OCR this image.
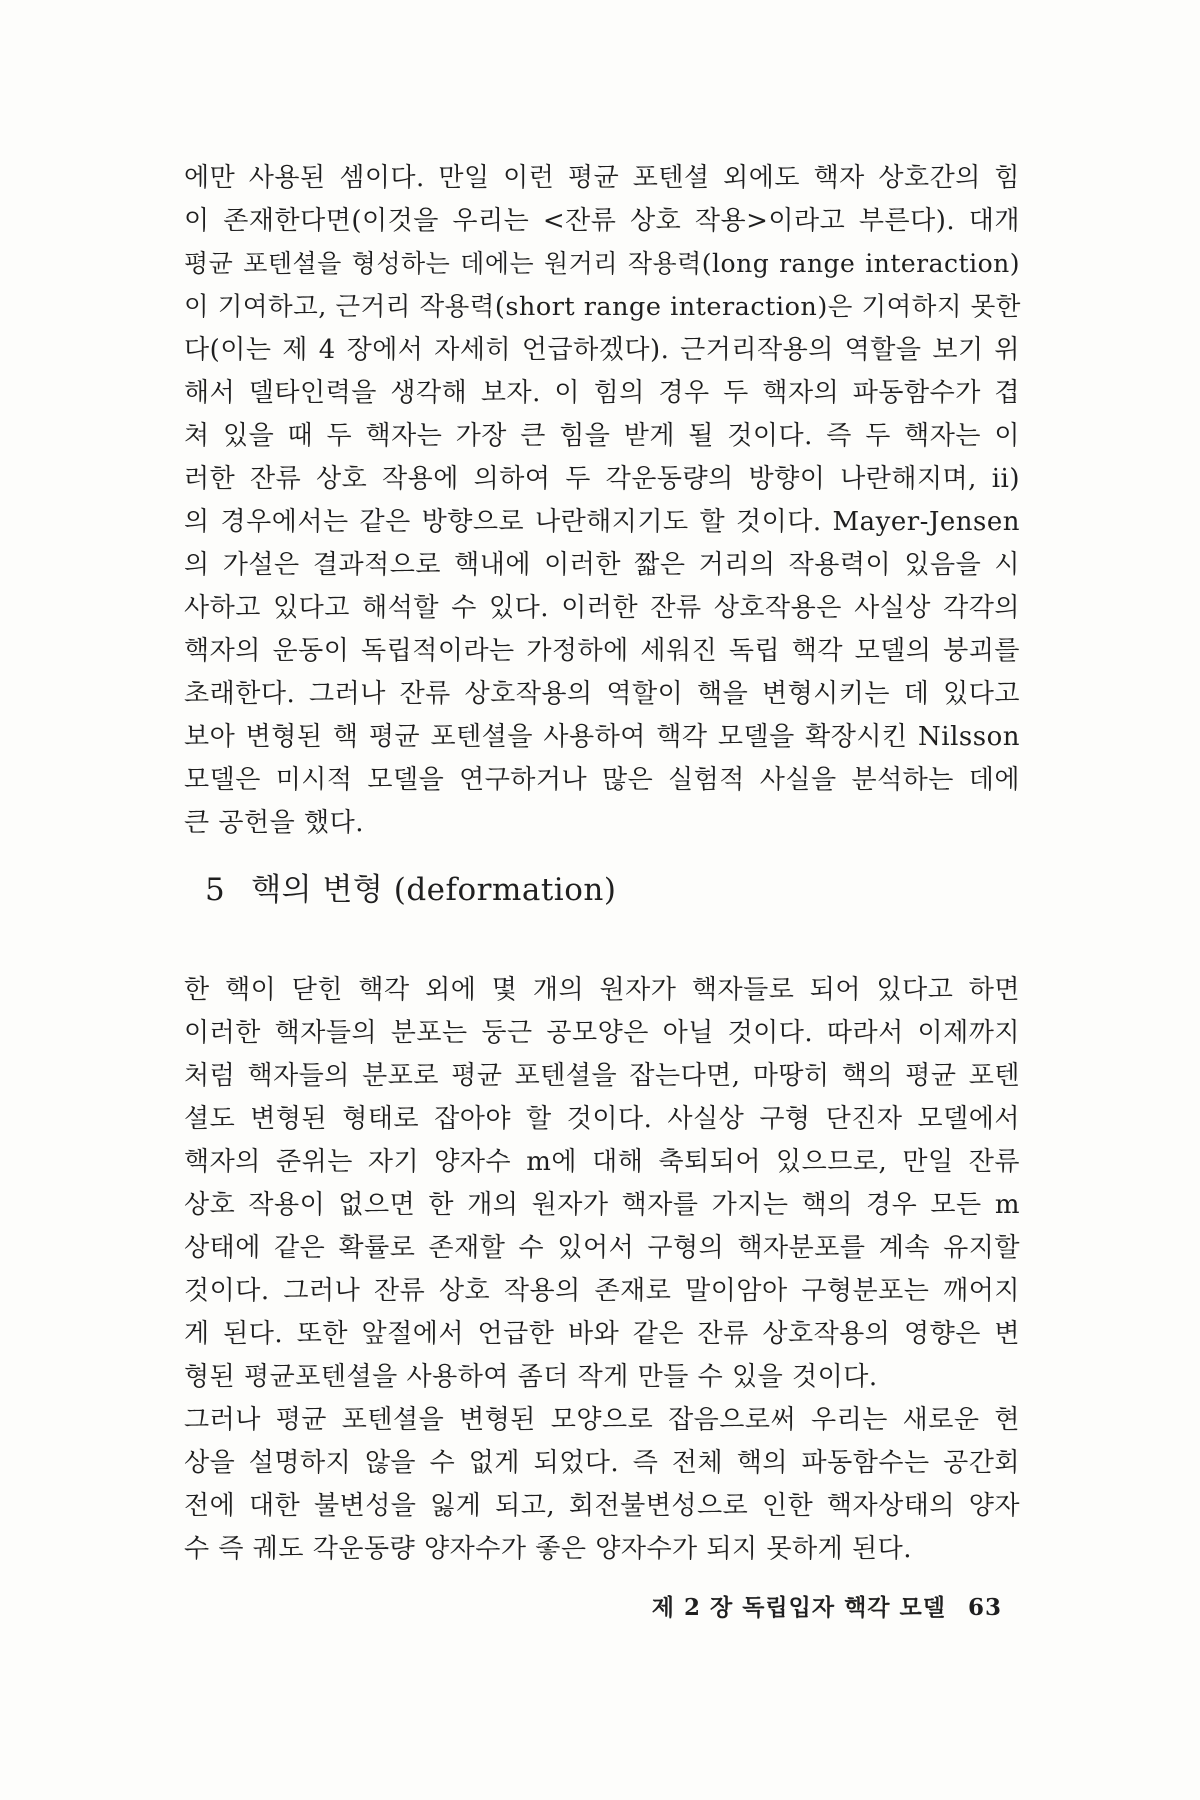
에만 사용된 셈이다. 만일 이런 평균 포텐셜 외에도 핵자 상호간의 힘
이 존재한다면(이것을 우리는 <잔류 상호 작용>이라고 부른다). 대개
평균 포텐셜을 형성하는 데에는 원거리 작용력(long range interaction)
이 기여하고, 근거리 작용력(short range interaction)은 기여하지 못한
다(이는 제 4 장에서 자세히 언급하겠다). 근거리작용의 역할을 보기 위
해서 델타인력을 생각해 보자. 이 힘의 경우 두 핵자의 파동함수가 겹
쳐 있을 때 두 핵자는 가장 큰 힘을 받게 될 것이다. 즉 두 핵자는 이
러한 잔류 상호 작용에 의하여 두 각운동량의 방향이 나란해지며, ii)
의 경우에서는 같은 방향으로 나란해지기도 할 것이다. Mayer-Jensen
의 가설은 결과적으로 핵내에 이러한 짧은 거리의 작용력이 있음을 시
사하고 있다고 해석할 수 있다. 이러한 잔류 상호작용은 사실상 각각의
핵자의 운동이 독립적이라는 가정하에 세워진 독립 핵각 모델의 붕괴를
초래한다. 그러나 잔류 상호작용의 역할이 핵을 변형시키는 데 있다고
보아 변형된 핵 평균 포텐셜을 사용하여 핵각 모델을 확장시킨 Nilsson
모델은 미시적 모델을 연구하거나 많은 실험적 사실을 분석하는 데에
큰 공헌을 했다.
5 핵의 변형 (deformation)
한 핵이 닫힌 핵각 외에 몇 개의 원자가 핵자들로 되어 있다고 하면
이러한 핵자들의 분포는 둥근 공모양은 아닐 것이다. 따라서 이제까지
처럼 핵자들의 분포로 평균 포텐셜을 잡는다면, 마땅히 핵의 평균 포텐
셜도 변형된 형태로 잡아야 할 것이다. 사실상 구형 단진자 모델에서
핵자의 준위는 자기 양자수 m에 대해 축퇴되어 있으므로, 만일 잔류
상호 작용이 없으면 한 개의 원자가 핵자를 가지는 핵의 경우 모든 m
상태에 같은 확률로 존재할 수 있어서 구형의 핵자분포를 계속 유지할
것이다. 그러나 잔류 상호 작용의 존재로 말이암아 구형분포는 깨어지
게 된다. 또한 앞절에서 언급한 바와 같은 잔류 상호작용의 영향은 변
형된 평균포텐셜을 사용하여 좀더 작게 만들 수 있을 것이다.
그러나 평균 포텐셜을 변형된 모양으로 잡음으로써 우리는 새로운 현
상을 설명하지 않을 수 없게 되었다. 즉 전체 핵의 파동함수는 공간회
전에 대한 불변성을 잃게 되고, 회전불변성으로 인한 핵자상태의 양자
수 즉 궤도 각운동량 양자수가 좋은 양자수가 되지 못하게 된다.
제 2 장 독립입자 핵각 모델 63
